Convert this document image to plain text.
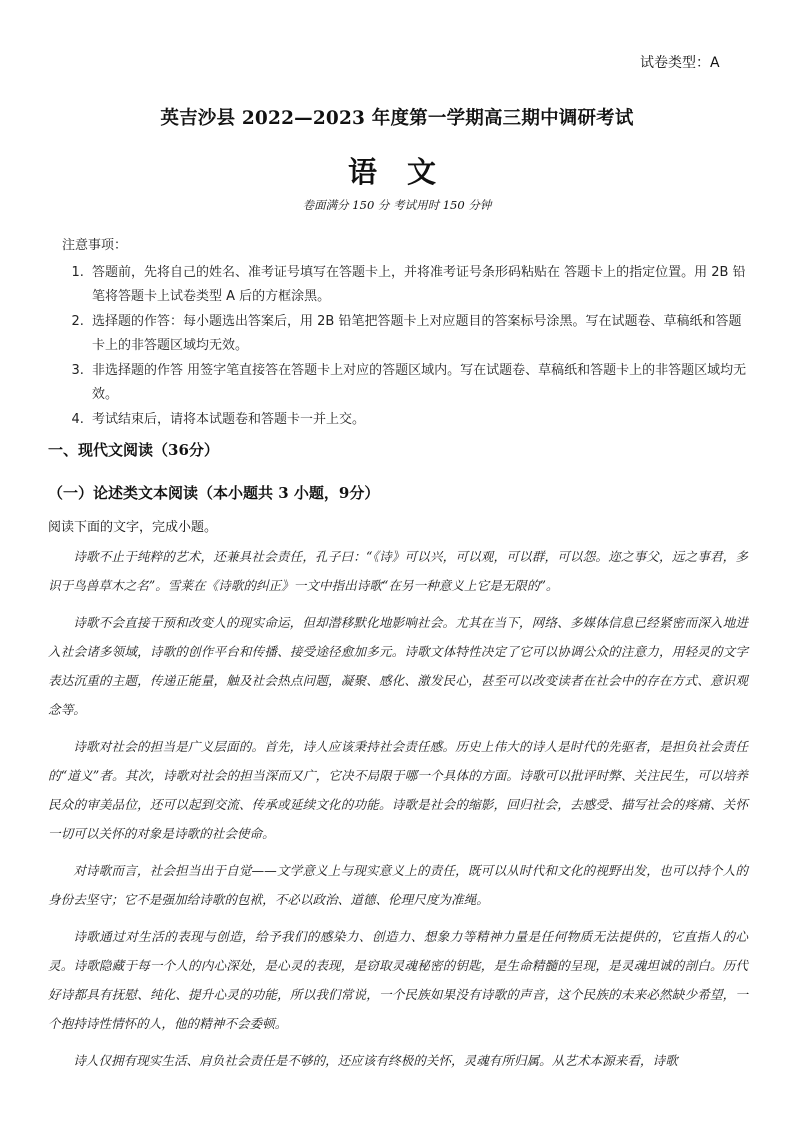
试卷类型：A
英吉沙县 2022—2023 年度第一学期高三期中调研考试
语 文
卷面满分 150 分 考试用时 150 分钟
注意事项：
1. 答题前，先将自己的姓名、准考证号填写在答题卡上，并将准考证号条形码粘贴在 答题卡上的指定位置。用 2B 铅笔将答题卡上试卷类型 A 后的方框涂黑。
2. 选择题的作答：每小题选出答案后，用 2B 铅笔把答题卡上对应题目的答案标号涂黑。写在试题卷、草稿纸和答题卡上的非答题区域均无效。
3. 非选择题的作答 用签字笔直接答在答题卡上对应的答题区域内。写在试题卷、草稿纸和答题卡上的非答题区域均无效。
4. 考试结束后，请将本试题卷和答题卡一并上交。
一、现代文阅读（36分）
（一）论述类文本阅读（本小题共 3 小题，9分）
阅读下面的文字，完成小题。

诗歌不止于纯粹的艺术，还兼具社会责任，孔子曰：“《诗》可以兴，可以观，可以群，可以怨。迩之事父，远之事君，多识于鸟兽草木之名”。雪莱在《诗歌的纠正》一文中指出诗歌“在另一种意义上它是无限的”。

诗歌不会直接干预和改变人的现实命运，但却潜移默化地影响社会。尤其在当下，网络、多媒体信息已经紧密而深入地进入社会诸多领域，诗歌的创作平台和传播、接受途径愈加多元。诗歌文体特性决定了它可以协调公众的注意力，用轻灵的文字表达沉重的主题，传递正能量，触及社会热点问题，凝聚、感化、激发民心，甚至可以改变读者在社会中的存在方式、意识观念等。

诗歌对社会的担当是广义层面的。首先，诗人应该秉持社会责任感。历史上伟大的诗人是时代的先驱者，是担负社会责任的“道义”者。其次，诗歌对社会的担当深而又广，它决不局限于哪一个具体的方面。诗歌可以批评时弊、关注民生，可以培养民众的审美品位，还可以起到交流、传承或延续文化的功能。诗歌是社会的缩影，回归社会，去感受、描写社会的疼痛、关怀一切可以关怀的对象是诗歌的社会使命。

对诗歌而言，社会担当出于自觉——文学意义上与现实意义上的责任，既可以从时代和文化的视野出发，也可以持个人的身份去坚守；它不是强加给诗歌的包袱，不必以政治、道德、伦理尺度为准绳。

诗歌通过对生活的表现与创造，给予我们的感染力、创造力、想象力等精神力量是任何物质无法提供的，它直指人的心灵。诗歌隐藏于每一个人的内心深处，是心灵的表现，是窃取灵魂秘密的钥匙，是生命精髓的呈现，是灵魂坦诚的剖白。历代好诗都具有抚慰、纯化、提升心灵的功能，所以我们常说，一个民族如果没有诗歌的声音，这个民族的未来必然缺少希望，一个抱持诗性情怀的人，他的精神不会委顿。

诗人仅拥有现实生活、肩负社会责任是不够的，还应该有终极的关怀，灵魂有所归属。从艺术本源来看，诗歌
